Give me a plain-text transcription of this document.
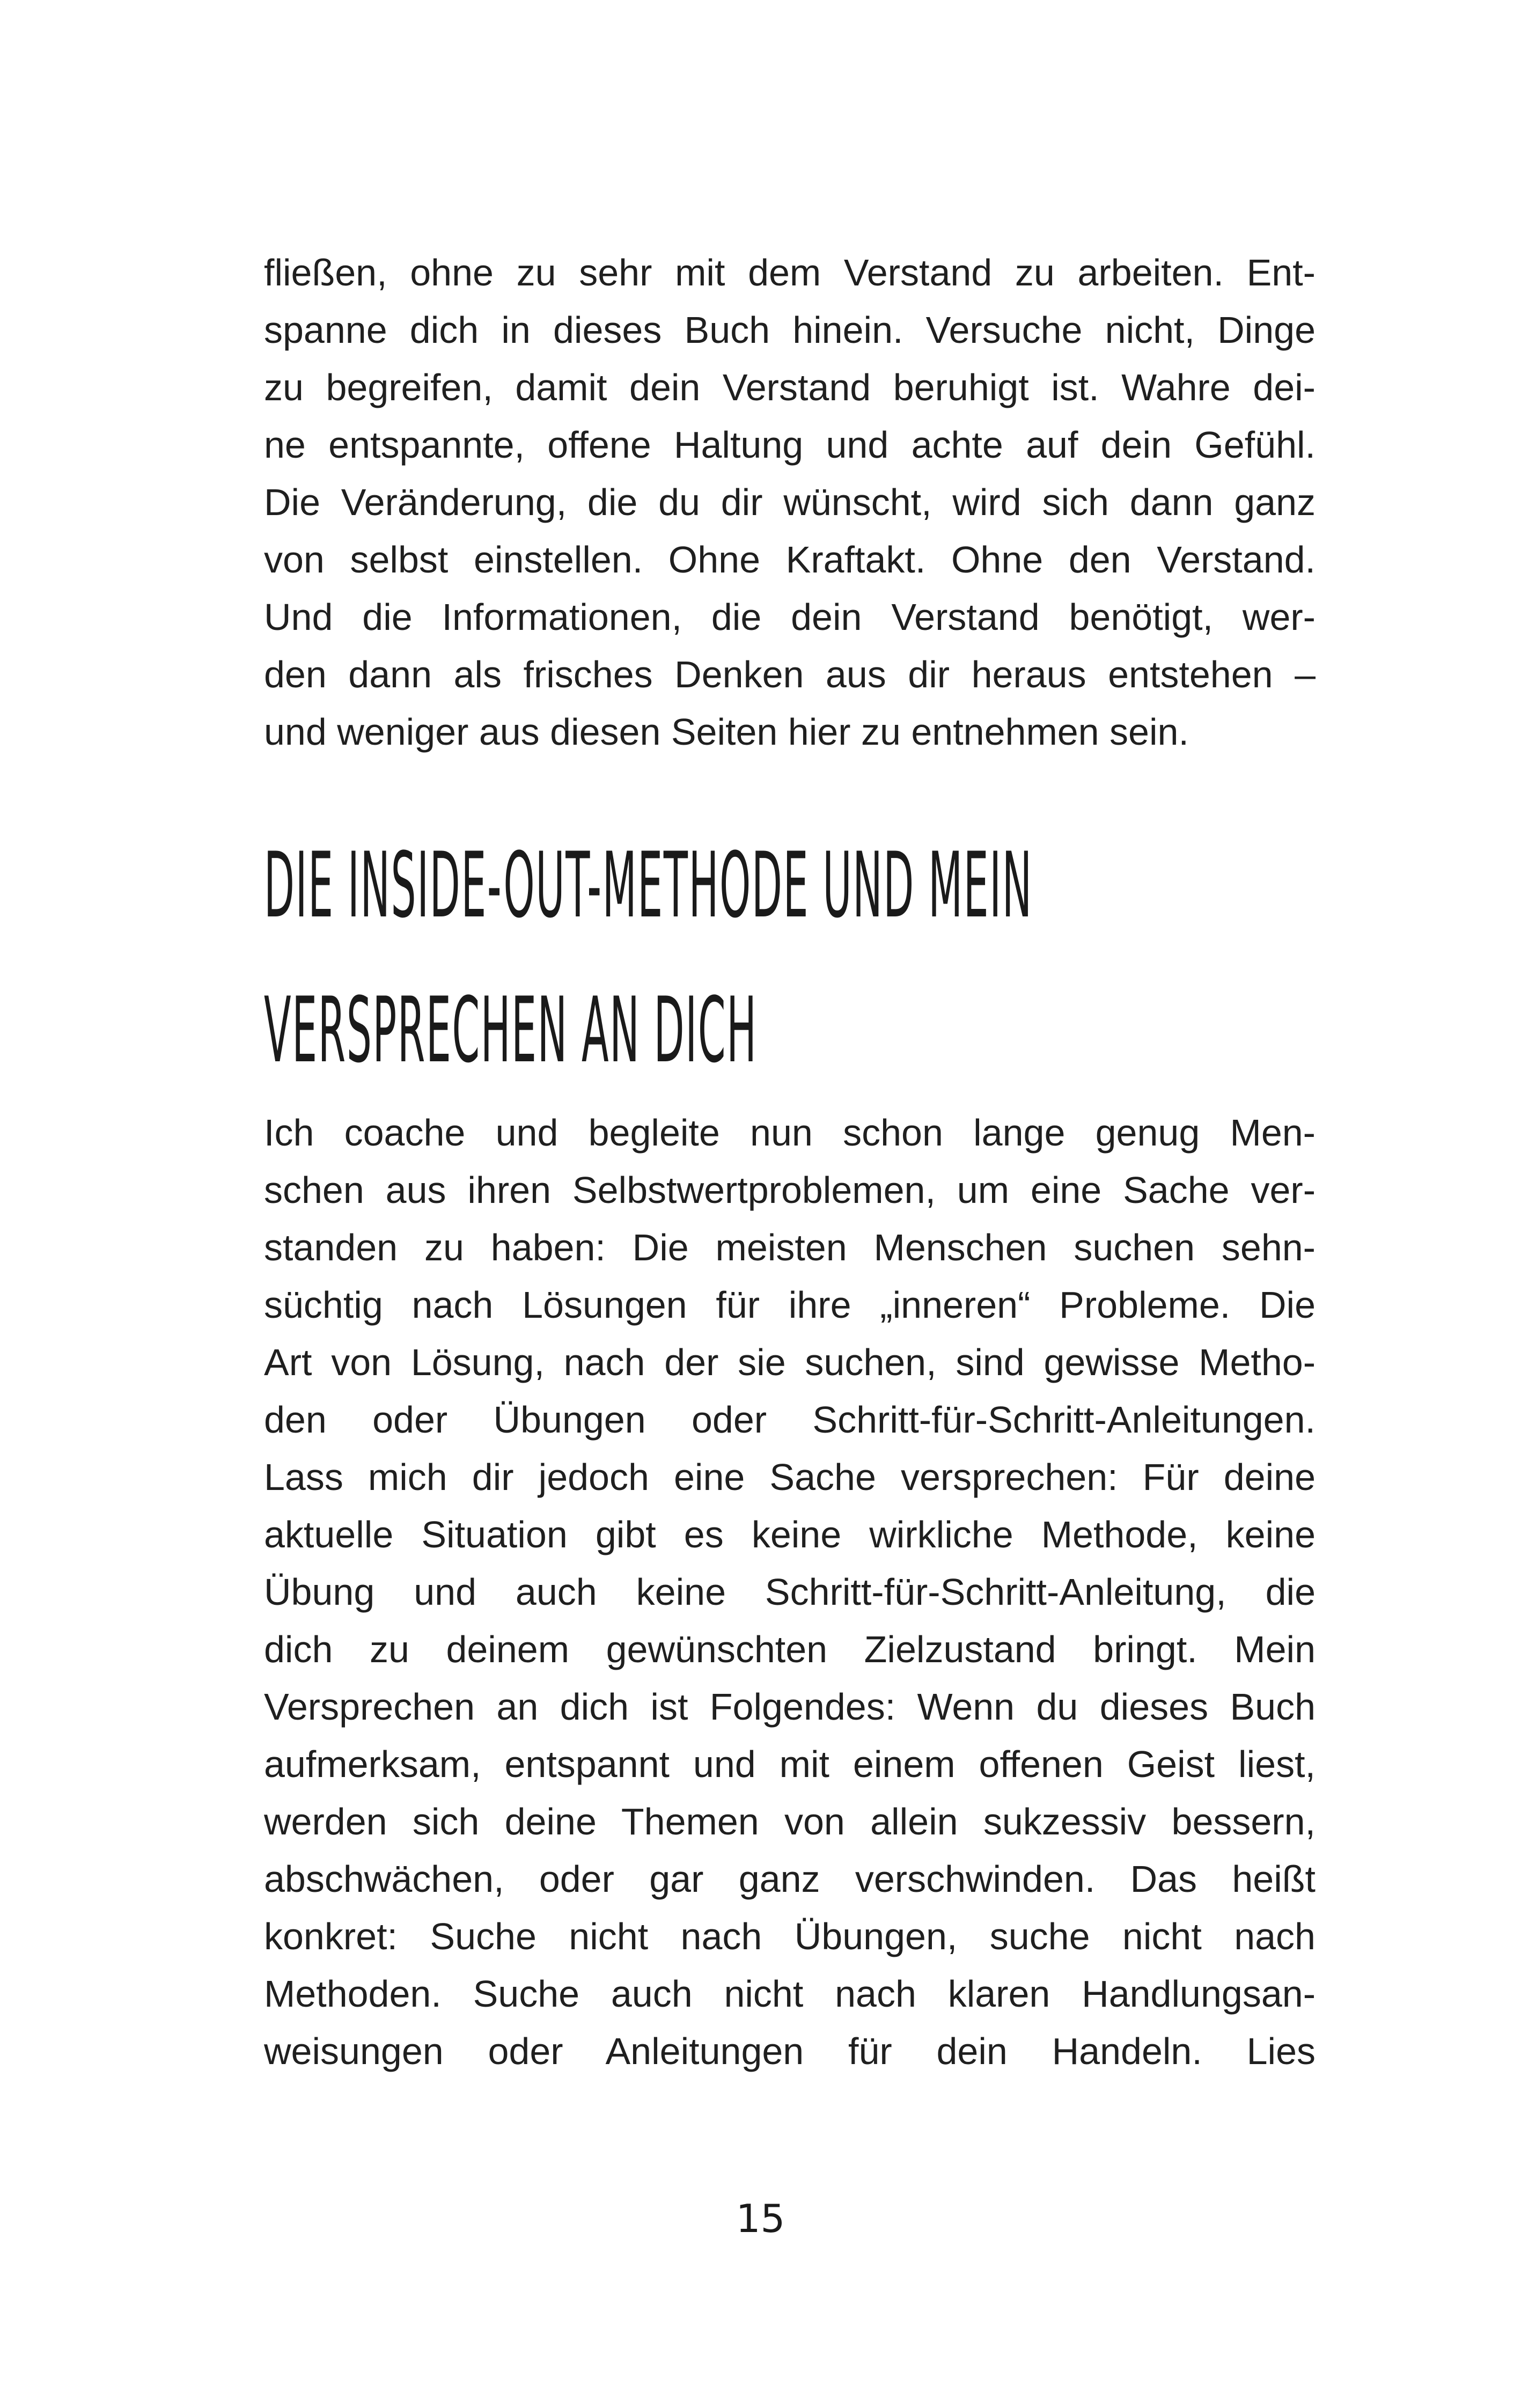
fließen, ohne zu sehr mit dem Verstand zu arbeiten. Ent-
spanne dich in dieses Buch hinein. Versuche nicht, Dinge
zu begreifen, damit dein Verstand beruhigt ist. Wahre dei-
ne entspannte, offene Haltung und achte auf dein Gefühl.
Die Veränderung, die du dir wünscht, wird sich dann ganz
von selbst einstellen. Ohne Kraftakt. Ohne den Verstand.
Und die Informationen, die dein Verstand benötigt, wer-
den dann als frisches Denken aus dir heraus entstehen –
und weniger aus diesen Seiten hier zu entnehmen sein.
DIE INSIDE-OUT-METHODE UND MEIN
VERSPRECHEN AN DICH
Ich coache und begleite nun schon lange genug Men-
schen aus ihren Selbstwertproblemen, um eine Sache ver-
standen zu haben: Die meisten Menschen suchen sehn-
süchtig nach Lösungen für ihre „inneren“ Probleme. Die
Art von Lösung, nach der sie suchen, sind gewisse Metho-
den oder Übungen oder Schritt-für-Schritt-Anleitungen.
Lass mich dir jedoch eine Sache versprechen: Für deine
aktuelle Situation gibt es keine wirkliche Methode, keine
Übung und auch keine Schritt-für-Schritt-Anleitung, die
dich zu deinem gewünschten Zielzustand bringt. Mein
Versprechen an dich ist Folgendes: Wenn du dieses Buch
aufmerksam, entspannt und mit einem offenen Geist liest,
werden sich deine Themen von allein sukzessiv bessern,
abschwächen, oder gar ganz verschwinden. Das heißt
konkret: Suche nicht nach Übungen, suche nicht nach
Methoden. Suche auch nicht nach klaren Handlungsan-
weisungen oder Anleitungen für dein Handeln. Lies
15
